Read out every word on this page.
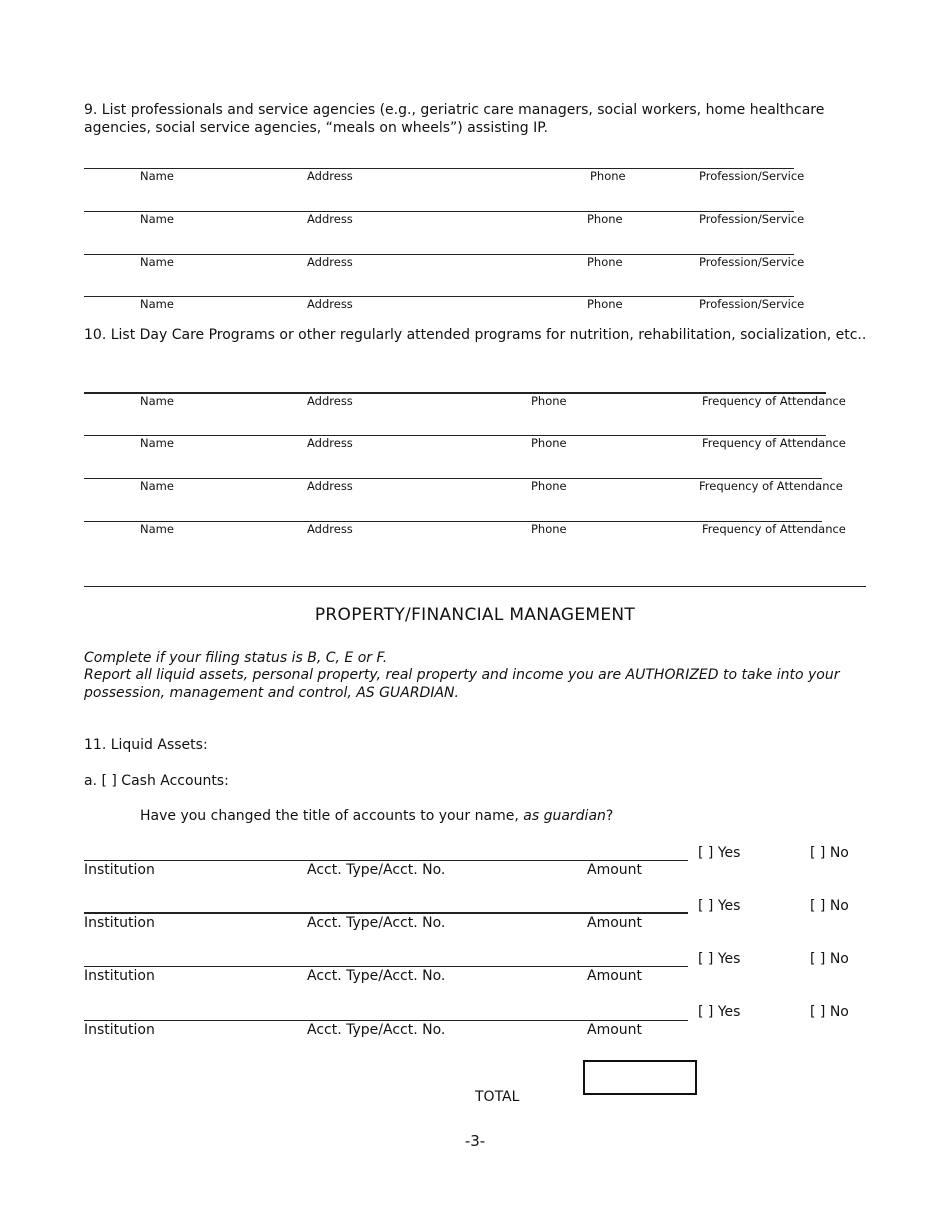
9. List professionals and service agencies (e.g., geriatric care managers, social workers, home healthcare
agencies, social service agencies, “meals on wheels”) assisting IP.
Name	Address	Phone	Profession/Service
Name	Address	Phone	Profession/Service
Name	Address	Phone	Profession/Service
Name	Address	Phone	Profession/Service
10. List Day Care Programs or other regularly attended programs for nutrition, rehabilitation, socialization, etc..
Name	Address	Phone	Frequency of Attendance
Name	Address	Phone	Frequency of Attendance
Name	Address	Phone	Frequency of Attendance
Name	Address	Phone	Frequency of Attendance
PROPERTY/FINANCIAL MANAGEMENT
Complete if your filing status is B, C, E or F.
Report all liquid assets, personal property, real property and income you are AUTHORIZED to take into your
possession, management and control, AS GUARDIAN.
11. Liquid Assets:
a. [ ] Cash Accounts:
Have you changed the title of accounts to your name, as guardian?
[ ] Yes	[ ] No
Institution	Acct. Type/Acct. No.	Amount
[ ] Yes	[ ] No
Institution	Acct. Type/Acct. No.	Amount
[ ] Yes	[ ] No
Institution	Acct. Type/Acct. No.	Amount
[ ] Yes	[ ] No
Institution	Acct. Type/Acct. No.	Amount
TOTAL
-3-
